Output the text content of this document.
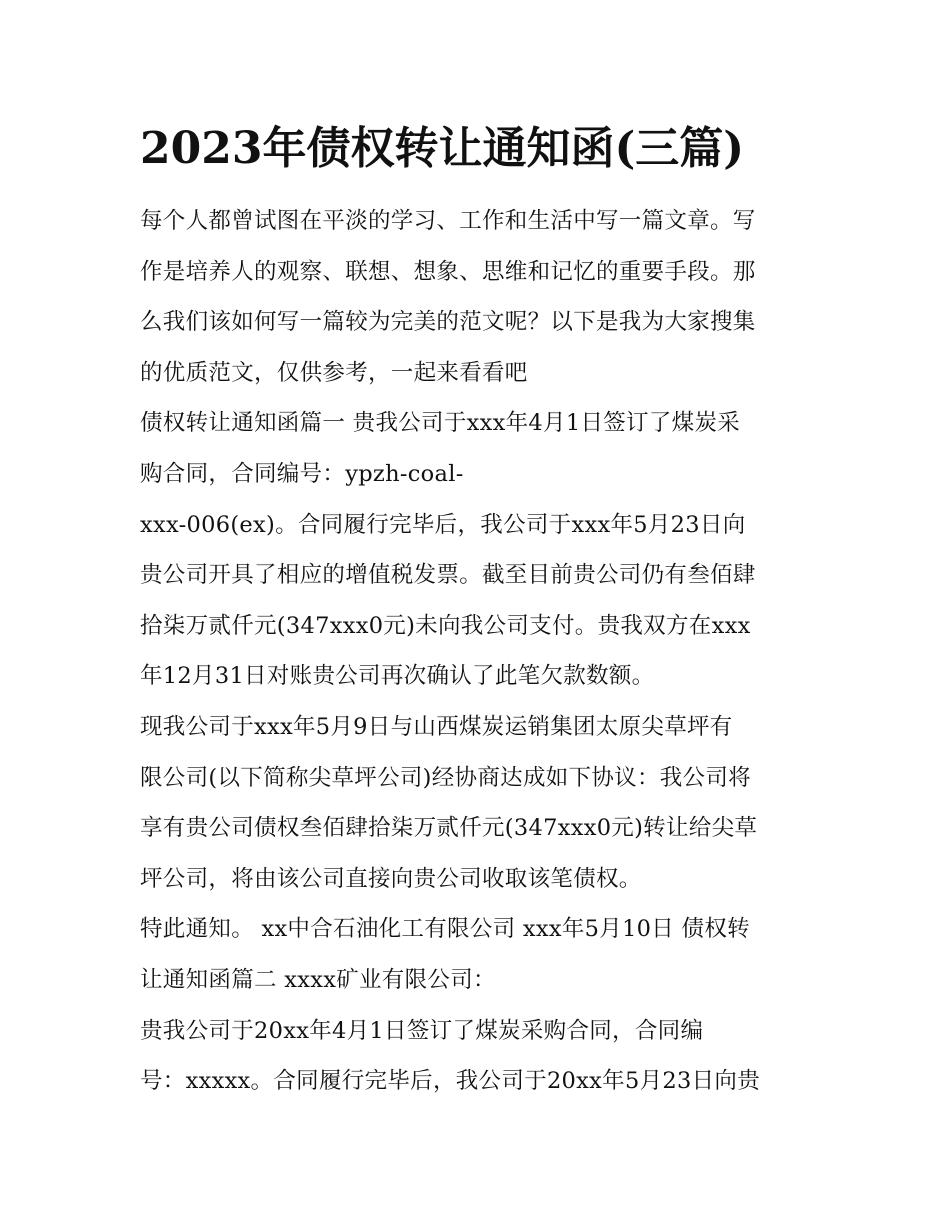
2023年债权转让通知函(三篇)

每个人都曾试图在平淡的学习、工作和生活中写一篇文章。写
作是培养人的观察、联想、想象、思维和记忆的重要手段。那
么我们该如何写一篇较为完美的范文呢？以下是我为大家搜集
的优质范文，仅供参考，一起来看看吧

债权转让通知函篇一 贵我公司于xxx年4月1日签订了煤炭采
购合同，合同编号：ypzh-coal-

xxx-006(ex)。合同履行完毕后，我公司于xxx年5月23日向
贵公司开具了相应的增值税发票。截至目前贵公司仍有叁佰肆
拾柒万贰仟元(347xxx0元)未向我公司支付。贵我双方在xxx
年12月31日对账贵公司再次确认了此笔欠款数额。

现我公司于xxx年5月9日与山西煤炭运销集团太原尖草坪有
限公司(以下简称尖草坪公司)经协商达成如下协议：我公司将
享有贵公司债权叁佰肆拾柒万贰仟元(347xxx0元)转让给尖草
坪公司，将由该公司直接向贵公司收取该笔债权。

特此通知。 xx中合石油化工有限公司 xxx年5月10日 债权转
让通知函篇二 xxxx矿业有限公司：

贵我公司于20xx年4月1日签订了煤炭采购合同，合同编
号：xxxxx。合同履行完毕后，我公司于20xx年5月23日向贵
